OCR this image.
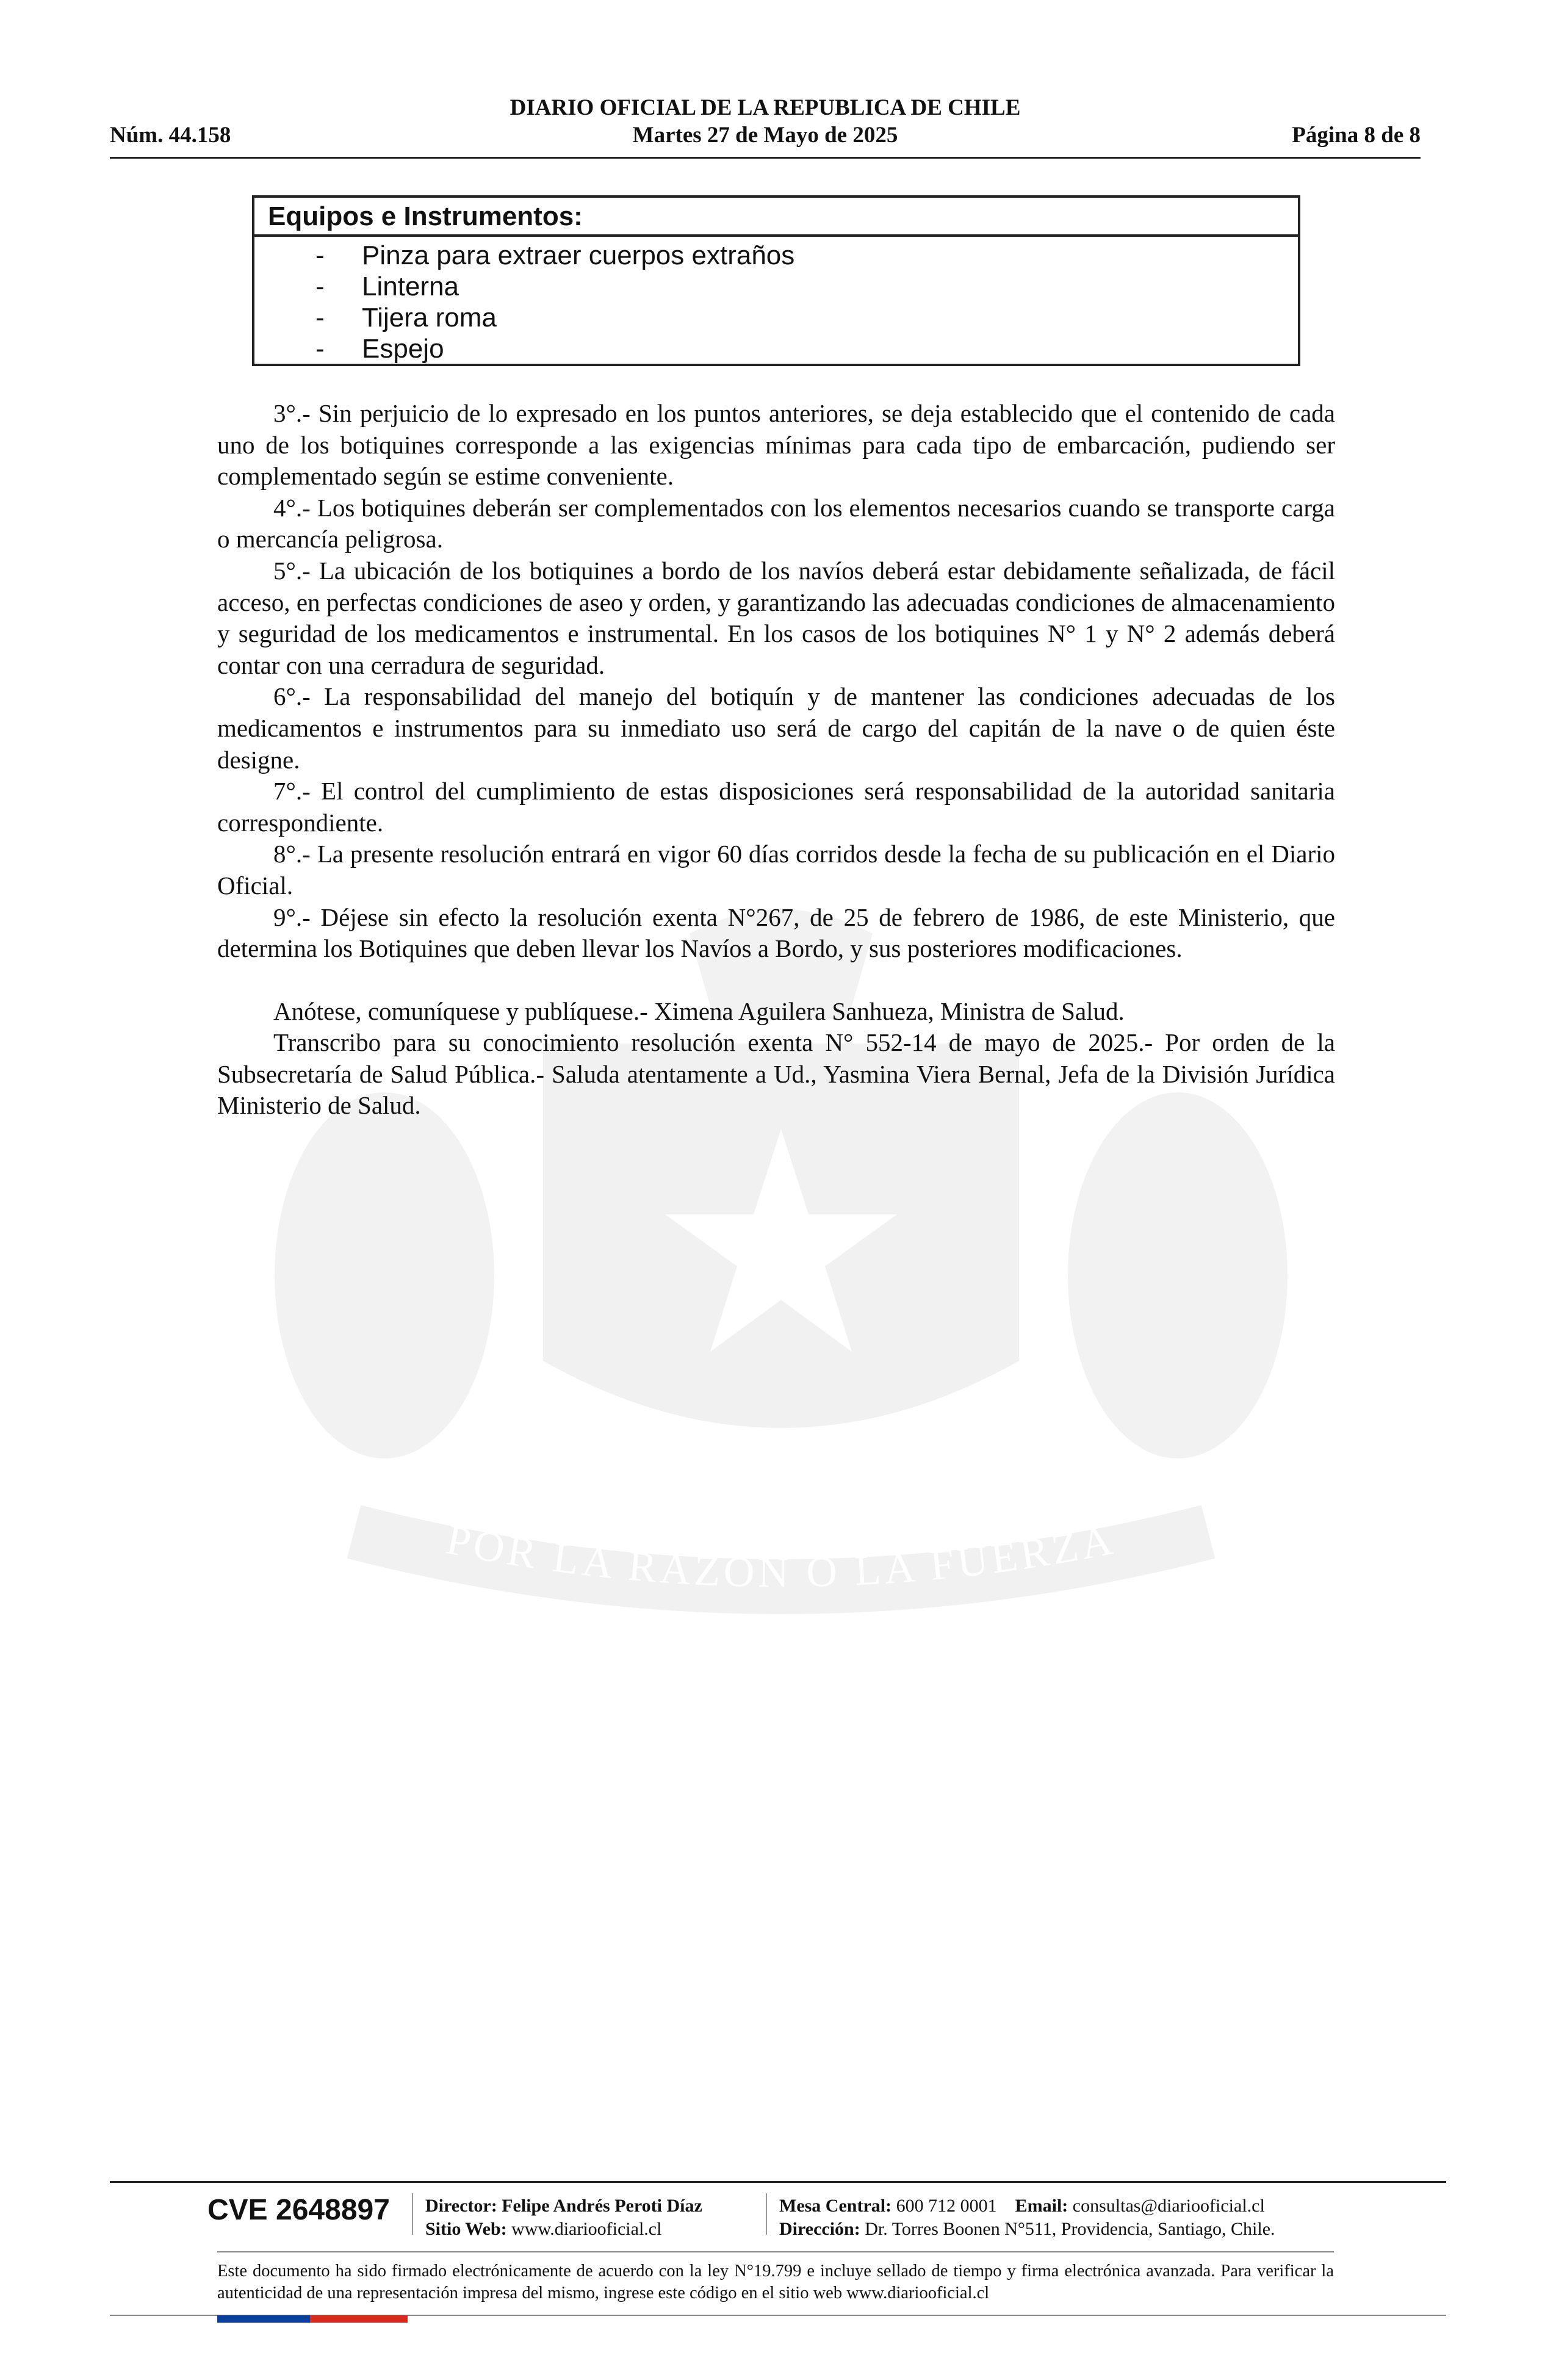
POR LA RAZON O LA FUERZA
DIARIO OFICIAL DE LA REPUBLICA DE CHILE
Núm. 44.158	Martes 27 de Mayo de 2025	Página 8 de 8
Equipos e Instrumentos:
- Pinza para extraer cuerpos extraños
- Linterna
- Tijera roma
- Espejo

3°.- Sin perjuicio de lo expresado en los puntos anteriores, se deja establecido que el contenido de cada uno de los botiquines corresponde a las exigencias mínimas para cada tipo de embarcación, pudiendo ser complementado según se estime conveniente.

4°.- Los botiquines deberán ser complementados con los elementos necesarios cuando se transporte carga o mercancía peligrosa.

5°.- La ubicación de los botiquines a bordo de los navíos deberá estar debidamente señalizada, de fácil acceso, en perfectas condiciones de aseo y orden, y garantizando las adecuadas condiciones de almacenamiento y seguridad de los medicamentos e instrumental. En los casos de los botiquines N° 1 y N° 2 además deberá contar con una cerradura de seguridad.

6°.- La responsabilidad del manejo del botiquín y de mantener las condiciones adecuadas de los medicamentos e instrumentos para su inmediato uso será de cargo del capitán de la nave o de quien éste designe.

7°.- El control del cumplimiento de estas disposiciones será responsabilidad de la autoridad sanitaria correspondiente.

8°.- La presente resolución entrará en vigor 60 días corridos desde la fecha de su publicación en el Diario Oficial.

9°.- Déjese sin efecto la resolución exenta N°267, de 25 de febrero de 1986, de este Ministerio, que determina los Botiquines que deben llevar los Navíos a Bordo, y sus posteriores modificaciones.

Anótese, comuníquese y publíquese.- Ximena Aguilera Sanhueza, Ministra de Salud.

Transcribo para su conocimiento resolución exenta N° 552-14 de mayo de 2025.- Por orden de la Subsecretaría de Salud Pública.- Saluda atentamente a Ud., Yasmina Viera Bernal, Jefa de la División Jurídica Ministerio de Salud.

CVE 2648897 Director: Felipe Andrés Peroti Díaz
Sitio Web: www.diariooficial.cl
Mesa Central: 600 712 0001 Email: consultas@diariooficial.cl
Dirección: Dr. Torres Boonen N°511, Providencia, Santiago, Chile.
Este documento ha sido firmado electrónicamente de acuerdo con la ley N°19.799 e incluye sellado de tiempo y firma electrónica avanzada. Para verificar la autenticidad de una representación impresa del mismo, ingrese este código en el sitio web www.diariooficial.cl
